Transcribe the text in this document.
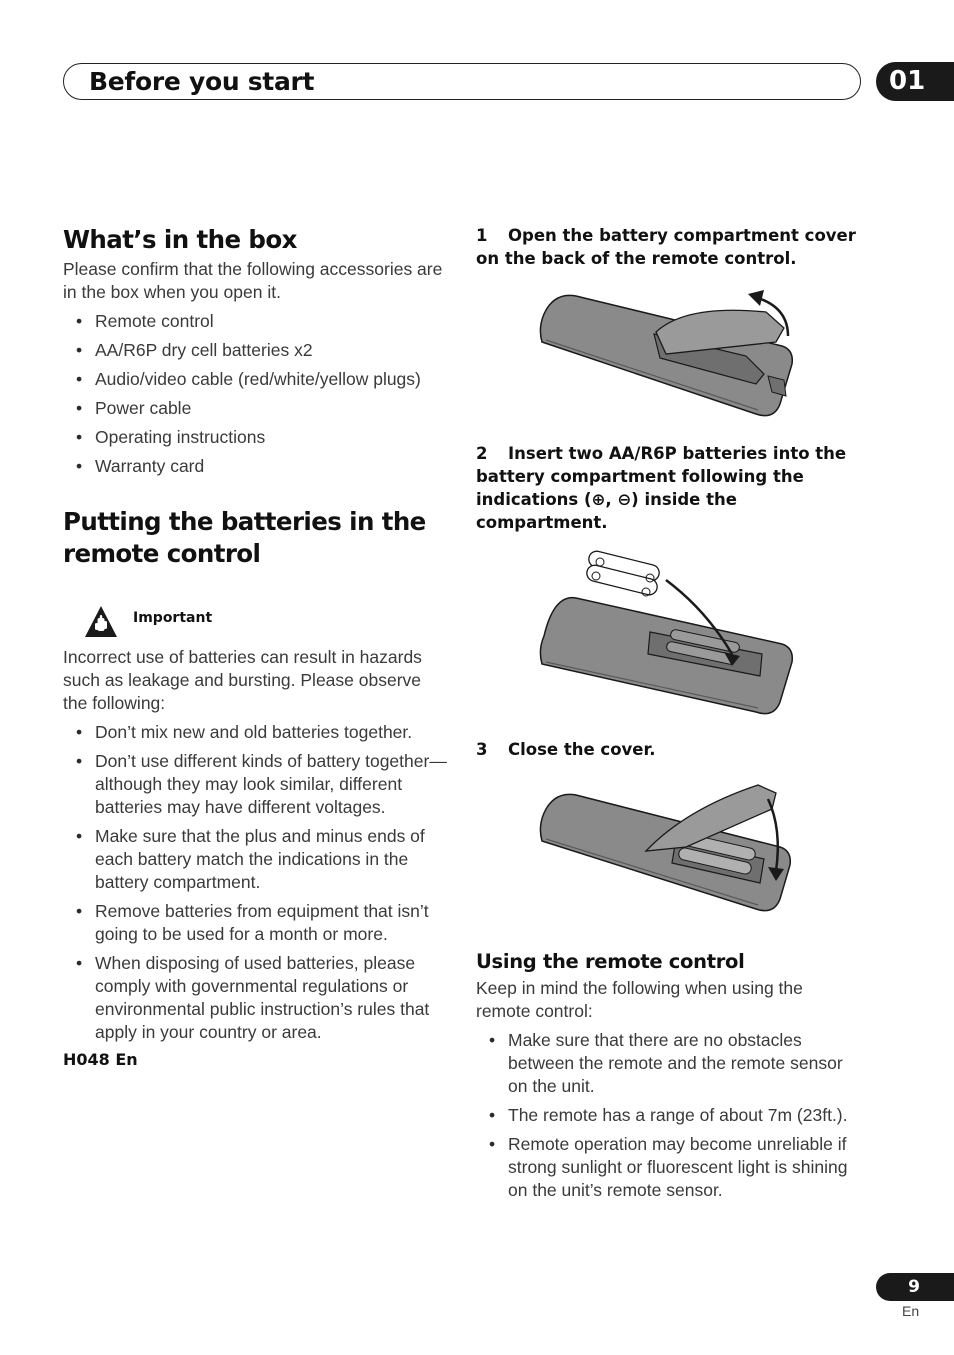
Before you start	01
What’s in the box

Please confirm that the following accessories are in the box when you open it.

• Remote control
• AA/R6P dry cell batteries x2
• Audio/video cable (red/white/yellow plugs)
• Power cable
• Operating instructions
• Warranty card
Putting the batteries in the remote control
Important

Incorrect use of batteries can result in hazards such as leakage and bursting. Please observe the following:

• Don’t mix new and old batteries together.
• Don’t use different kinds of battery together—although they may look similar, different batteries may have different voltages.
• Make sure that the plus and minus ends of each battery match the indications in the battery compartment.
• Remove batteries from equipment that isn’t going to be used for a month or more.
• When disposing of used batteries, please comply with governmental regulations or environmental public instruction’s rules that apply in your country or area.
H048 En

1 Open the battery compartment cover on the back of the remote control.

2 Insert two AA/R6P batteries into the battery compartment following the indications (⊕, ⊖) inside the compartment.

3 Close the cover.

Using the remote control

Keep in mind the following when using the remote control:

• Make sure that there are no obstacles between the remote and the remote sensor on the unit.
• The remote has a range of about 7m (23ft.).
• Remote operation may become unreliable if strong sunlight or fluorescent light is shining on the unit’s remote sensor.
9
En
